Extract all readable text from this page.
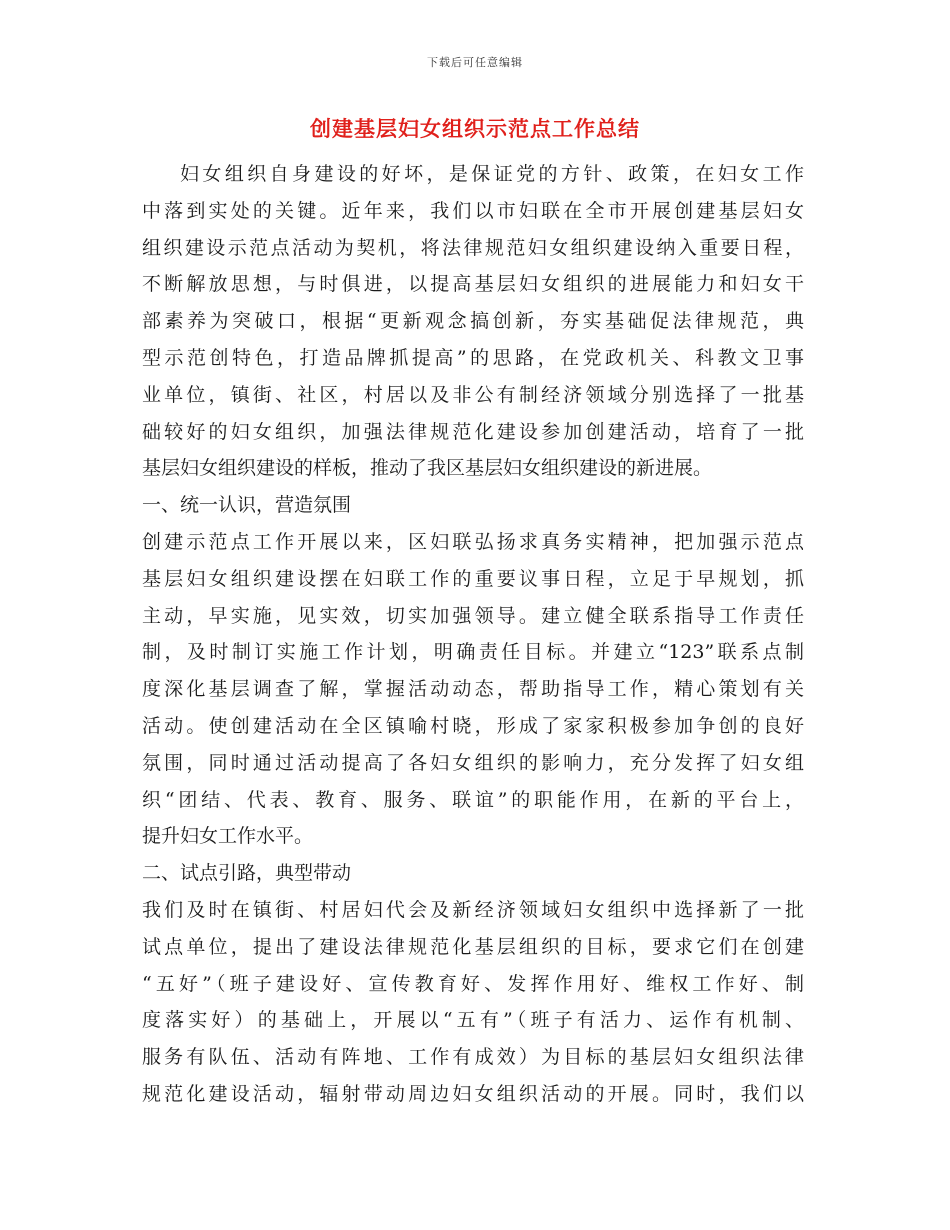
下载后可任意编辑
创建基层妇女组织示范点工作总结
妇女组织自身建设的好坏，是保证党的方针、政策，在妇女工作
中落到实处的关键。近年来，我们以市妇联在全市开展创建基层妇女
组织建设示范点活动为契机，将法律规范妇女组织建设纳入重要日程，
不断解放思想，与时俱进，以提高基层妇女组织的进展能力和妇女干
部素养为突破口，根据“更新观念搞创新，夯实基础促法律规范，典
型示范创特色，打造品牌抓提高”的思路，在党政机关、科教文卫事
业单位，镇街、社区，村居以及非公有制经济领域分别选择了一批基
础较好的妇女组织，加强法律规范化建设参加创建活动，培育了一批
基层妇女组织建设的样板，推动了我区基层妇女组织建设的新进展。
一、统一认识，营造氛围
创建示范点工作开展以来，区妇联弘扬求真务实精神，把加强示范点
基层妇女组织建设摆在妇联工作的重要议事日程，立足于早规划，抓
主动，早实施，见实效，切实加强领导。建立健全联系指导工作责任
制，及时制订实施工作计划，明确责任目标。并建立“123”联系点制
度深化基层调查了解，掌握活动动态，帮助指导工作，精心策划有关
活动。使创建活动在全区镇喻村晓，形成了家家积极参加争创的良好
氛围，同时通过活动提高了各妇女组织的影响力，充分发挥了妇女组
织“团结、代表、教育、服务、联谊”的职能作用，在新的平台上，
提升妇女工作水平。
二、试点引路，典型带动
我们及时在镇街、村居妇代会及新经济领域妇女组织中选择新了一批
试点单位，提出了建设法律规范化基层组织的目标，要求它们在创建
“五好”（班子建设好、宣传教育好、发挥作用好、维权工作好、制
度落实好）的基础上，开展以“五有”（班子有活力、运作有机制、
服务有队伍、活动有阵地、工作有成效）为目标的基层妇女组织法律
规范化建设活动，辐射带动周边妇女组织活动的开展。同时，我们以
